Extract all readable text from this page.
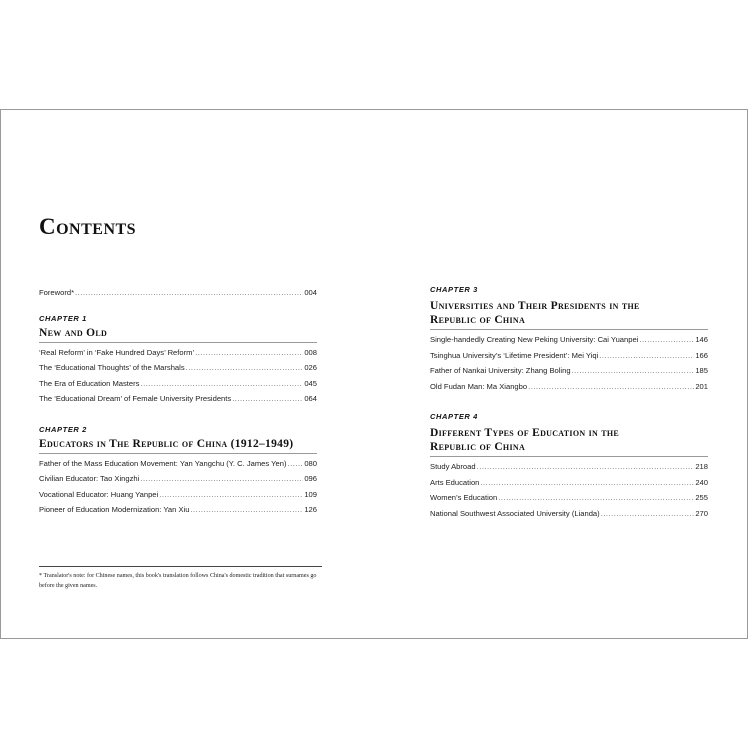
Contents
Foreword* .....	004
CHAPTER 1
New and Old
‘Real Reform’ in ‘Fake Hundred Days’ Reform’ .....	008
The ‘Educational Thoughts’ of the Marshals .....	026
The Era of Education Masters .....	045
The ‘Educational Dream’ of Female University Presidents .....	064
CHAPTER 2
Educators in The Republic of China (1912–1949)
Father of the Mass Education Movement: Yan Yangchu (Y. C. James Yen) ..... 080
Civilian Educator: Tao Xingzhi .....	096
Vocational Educator: Huang Yanpei .....	109
Pioneer of Education Modernization: Yan Xiu .....	126
* Translator's note: for Chinese names, this book's translation follows China's domestic tradition that surnames go before the given names.
CHAPTER 3
Universities and Their Presidents in the
Republic of China
Single-handedly Creating New Peking University: Cai Yuanpei .....	146
Tsinghua University’s ‘Lifetime President’: Mei Yiqi .....	166
Father of Nankai University: Zhang Boling .....	185
Old Fudan Man: Ma Xiangbo .....	201
CHAPTER 4
Different Types of Education in the
Republic of China
Study Abroad .....	218
Arts Education .....	240
Women’s Education .....	255
National Southwest Associated University (Lianda) .....	270
